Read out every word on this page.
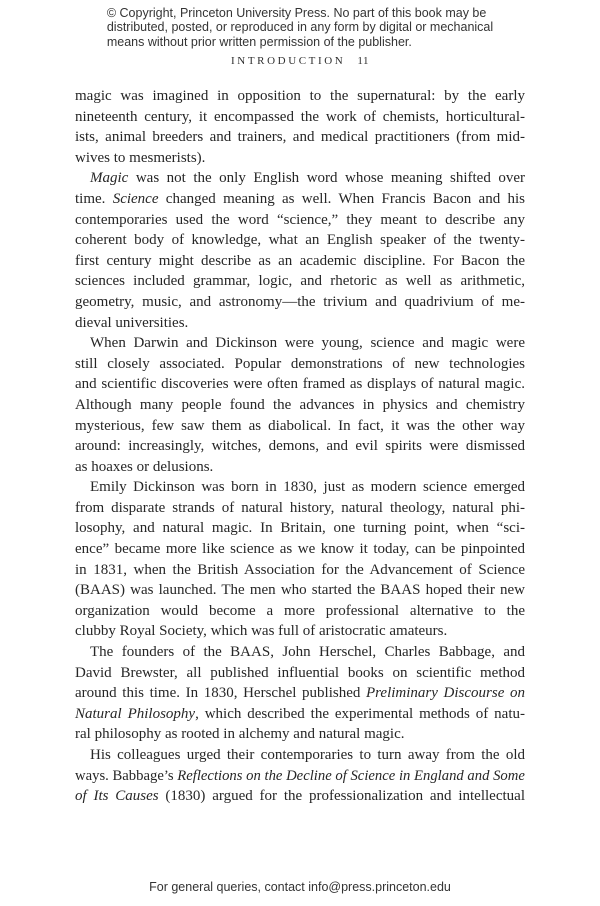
© Copyright, Princeton University Press. No part of this book may be
distributed, posted, or reproduced in any form by digital or mechanical
means without prior written permission of the publisher.
INTRODUCTION 11
magic was imagined in opposition to the supernatural: by the early
nineteenth century, it encompassed the work of chemists, horticultural-
ists, animal breeders and trainers, and medical practitioners (from mid-
wives to mesmerists).
Magic was not the only English word whose meaning shifted over
time. Science changed meaning as well. When Francis Bacon and his
contemporaries used the word “science,” they meant to describe any
coherent body of knowledge, what an English speaker of the twenty-
first century might describe as an academic discipline. For Bacon the
sciences included grammar, logic, and rhetoric as well as arithmetic,
geometry, music, and astronomy—the trivium and quadrivium of me-
dieval universities.
When Darwin and Dickinson were young, science and magic were
still closely associated. Popular demonstrations of new technologies
and scientific discoveries were often framed as displays of natural magic.
Although many people found the advances in physics and chemistry
mysterious, few saw them as diabolical. In fact, it was the other way
around: increasingly, witches, demons, and evil spirits were dismissed
as hoaxes or delusions.
Emily Dickinson was born in 1830, just as modern science emerged
from disparate strands of natural history, natural theology, natural phi-
losophy, and natural magic. In Britain, one turning point, when “sci-
ence” became more like science as we know it today, can be pinpointed
in 1831, when the British Association for the Advancement of Science
(BAAS) was launched. The men who started the BAAS hoped their new
organization would become a more professional alternative to the
clubby Royal Society, which was full of aristocratic amateurs.
The founders of the BAAS, John Herschel, Charles Babbage, and
David Brewster, all published influential books on scientific method
around this time. In 1830, Herschel published Preliminary Discourse on
Natural Philosophy, which described the experimental methods of natu-
ral philosophy as rooted in alchemy and natural magic.
His colleagues urged their contemporaries to turn away from the old
ways. Babbage’s Reflections on the Decline of Science in England and Some
of Its Causes (1830) argued for the professionalization and intellectual
For general queries, contact info@press.princeton.edu
